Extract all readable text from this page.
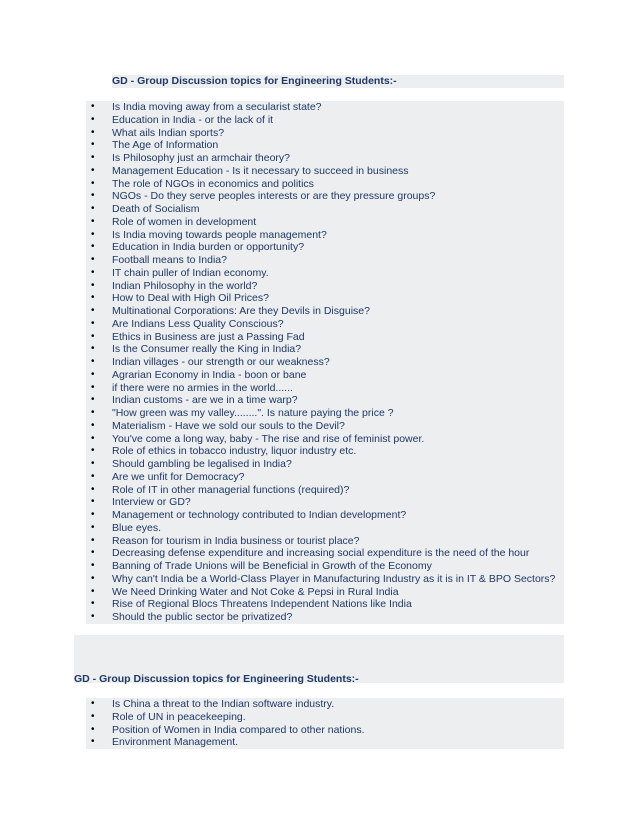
GD - Group Discussion topics for Engineering Students:-
• Is India moving away from a secularist state?
• Education in India - or the lack of it
• What ails Indian sports?
• The Age of Information
• Is Philosophy just an armchair theory?
• Management Education - Is it necessary to succeed in business
• The role of NGOs in economics and politics
• NGOs - Do they serve peoples interests or are they pressure groups?
• Death of Socialism
• Role of women in development
• Is India moving towards people management?
• Education in India burden or opportunity?
• Football means to India?
• IT chain puller of Indian economy.
• Indian Philosophy in the world?
• How to Deal with High Oil Prices?
• Multinational Corporations: Are they Devils in Disguise?
• Are Indians Less Quality Conscious?
• Ethics in Business are just a Passing Fad
• Is the Consumer really the King in India?
• Indian villages - our strength or our weakness?
• Agrarian Economy in India - boon or bane
• if there were no armies in the world......
• Indian customs - are we in a time warp?
• "How green was my valley........". Is nature paying the price ?
• Materialism - Have we sold our souls to the Devil?
• You've come a long way, baby - The rise and rise of feminist power.
• Role of ethics in tobacco industry, liquor industry etc.
• Should gambling be legalised in India?
• Are we unfit for Democracy?
• Role of IT in other managerial functions (required)?
• Interview or GD?
• Management or technology contributed to Indian development?
• Blue eyes.
• Reason for tourism in India business or tourist place?
• Decreasing defense expenditure and increasing social expenditure is the need of the hour
• Banning of Trade Unions will be Beneficial in Growth of the Economy
• Why can't India be a World-Class Player in Manufacturing Industry as it is in IT & BPO Sectors?
• We Need Drinking Water and Not Coke & Pepsi in Rural India
• Rise of Regional Blocs Threatens Independent Nations like India
• Should the public sector be privatized?
GD - Group Discussion topics for Engineering Students:-
• Is China a threat to the Indian software industry.
• Role of UN in peacekeeping.
• Position of Women in India compared to other nations.
• Environment Management.
